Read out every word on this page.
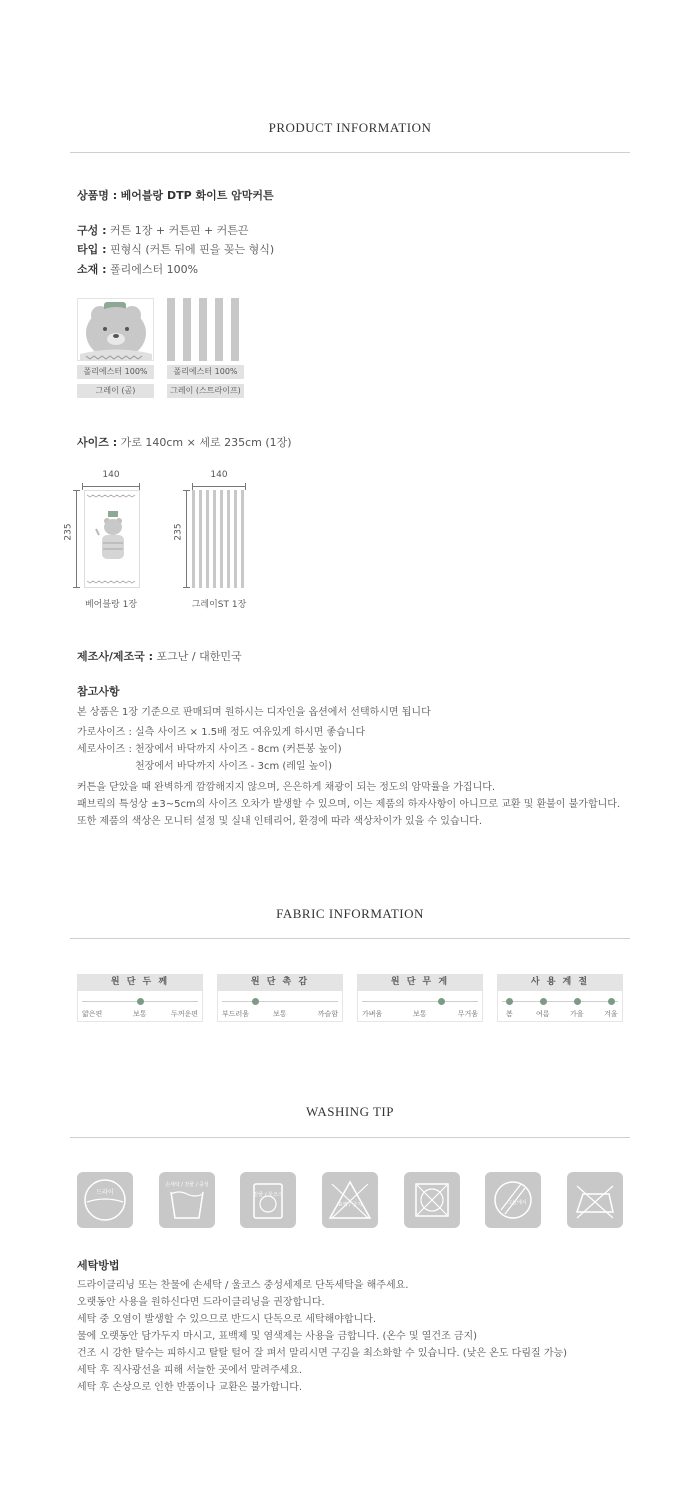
PRODUCT INFORMATION
상품명 : 베어블랑 DTP 화이트 암막커튼
구성 : 커튼 1장 + 커튼핀 + 커튼끈
타입 : 핀형식 (커튼 뒤에 핀을 꽂는 형식)
소재 : 폴리에스터 100%
폴리에스터 100%
그레이 (곰)
폴리에스터 100%
그레이 (스트라이프)
사이즈 : 가로 140cm × 세로 235cm (1장)
140
235
베어블랑 1장
140
235
그레이ST 1장
제조사/제조국 : 포그난 / 대한민국
참고사항
본 상품은 1장 기준으로 판매되며 원하시는 디자인을 옵션에서 선택하시면 됩니다
가로사이즈 : 실측 사이즈 × 1.5배 정도 여유있게 하시면 좋습니다
세로사이즈 : 천장에서 바닥까지 사이즈 - 8cm (커튼봉 높이)
천장에서 바닥까지 사이즈 - 3cm (레일 높이)
커튼을 닫았을 때 완벽하게 깜깜해지지 않으며, 은은하게 채광이 되는 정도의 암막률을 가집니다.
패브릭의 특성상 ±3~5cm의 사이즈 오차가 발생할 수 있으며, 이는 제품의 하자사항이 아니므로 교환 및 환불이 불가합니다.
또한 제품의 색상은 모니터 설정 및 실내 인테리어, 환경에 따라 색상차이가 있을 수 있습니다.
FABRIC INFORMATION
원 단 두 께
얇은편	보통	두꺼운편
원 단 촉 감
부드러움	보통	까슬함
원 단 무 게
가벼움	보통	무거움
사 용 계 절
봄	여름	가을	겨울
WASHING TIP
드라이
손세탁 / 찬물 / 중성
찬물 / 울코스
표백 / 금지	그늘에서
세탁방법
드라이클리닝 또는 찬물에 손세탁 / 울코스 중성세제로 단독세탁을 해주세요.
오랫동안 사용을 원하신다면 드라이클리닝을 권장합니다.
세탁 중 오염이 발생할 수 있으므로 반드시 단독으로 세탁해야합니다.
물에 오랫동안 담가두지 마시고, 표백제 및 염색제는 사용을 금합니다. (온수 및 열건조 금지)
건조 시 강한 탈수는 피하시고 탈탈 털어 잘 펴서 말리시면 구김을 최소화할 수 있습니다. (낮은 온도 다림질 가능)
세탁 후 직사광선을 피해 서늘한 곳에서 말려주세요.
세탁 후 손상으로 인한 반품이나 교환은 불가합니다.
